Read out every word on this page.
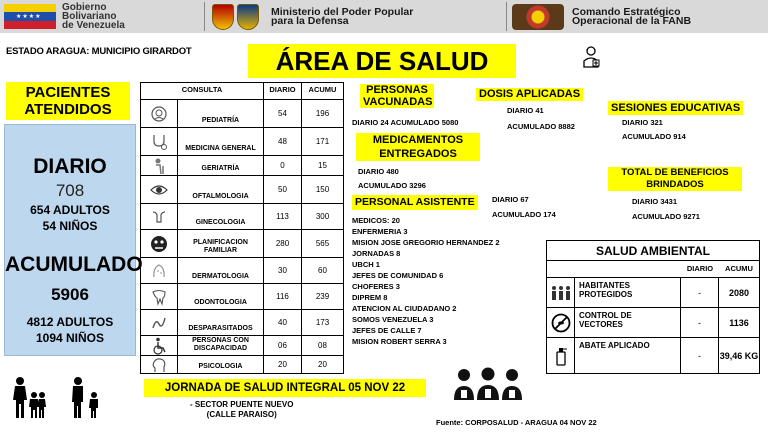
★★★★
Gobierno
Bolivariano
de Venezuela
Ministerio del Poder Popular
para la Defensa
Comando Estratégico
Operacional de la FANB
ESTADO ARAGUA: MUNICIPIO GIRARDOT	ÁREA DE SALUD
PACIENTES
ATENDIDOS
DIARIO
708
654 ADULTOS
54 NIÑOS
ACUMULADO
5906
4812 ADULTOS
1094 NIÑOS
CONSULTA	DIARIO	ACUMU
PEDIATRÍA
54	196
MEDICINA GENERAL
48	171
GERIATRÍA	0	15
OFTALMOLOGIA
50	150
GINECOLOGIA
113	300
PLANIFICACION FAMILIAR
280	565
DERMATOLOGIA
30	60
ODONTOLOGIA
116	239
DESPARASITADOS
40	173
PERSONAS CON DISCAPACIDAD	06	08
PSICOLOGIA	20	20
PERSONAS
VACUNADAS
DIARIO 24 ACUMULADO 5080
DOSIS APLICADAS
DIARIO 41
ACUMULADO 8882
SESIONES EDUCATIVAS
DIARIO 321
ACUMULADO 914
MEDICAMENTOS
ENTREGADOS
DIARIO 480
ACUMULADO 3296
TOTAL DE BENEFICIOS
BRINDADOS
DIARIO 3431
ACUMULADO 9271
PERSONAL ASISTENTE	DIARIO 67
ACUMULADO 174
MEDICOS: 20
ENFERMERIA 3
MISION JOSE GREGORIO HERNANDEZ 2
JORNADAS 8
UBCH 1
JEFES DE COMUNIDAD 6
CHOFERES 3
DIPREM 8
ATENCION AL CIUDADANO 2
SOMOS VENEZUELA 3
JEFES DE CALLE 7
MISION ROBERT SERRA 3
SALUD AMBIENTAL
DIARIO	ACUMU
HABITANTES PROTEGIDOS	-	2080
CONTROL DE VECTORES	-	1136
ABATE APLICADO
-	39,46 KG
JORNADA DE SALUD INTEGRAL 05 NOV 22
- SECTOR PUENTE NUEVO
(CALLE PARAISO)
Fuente: CORPOSALUD - ARAGUA 04 NOV 22
